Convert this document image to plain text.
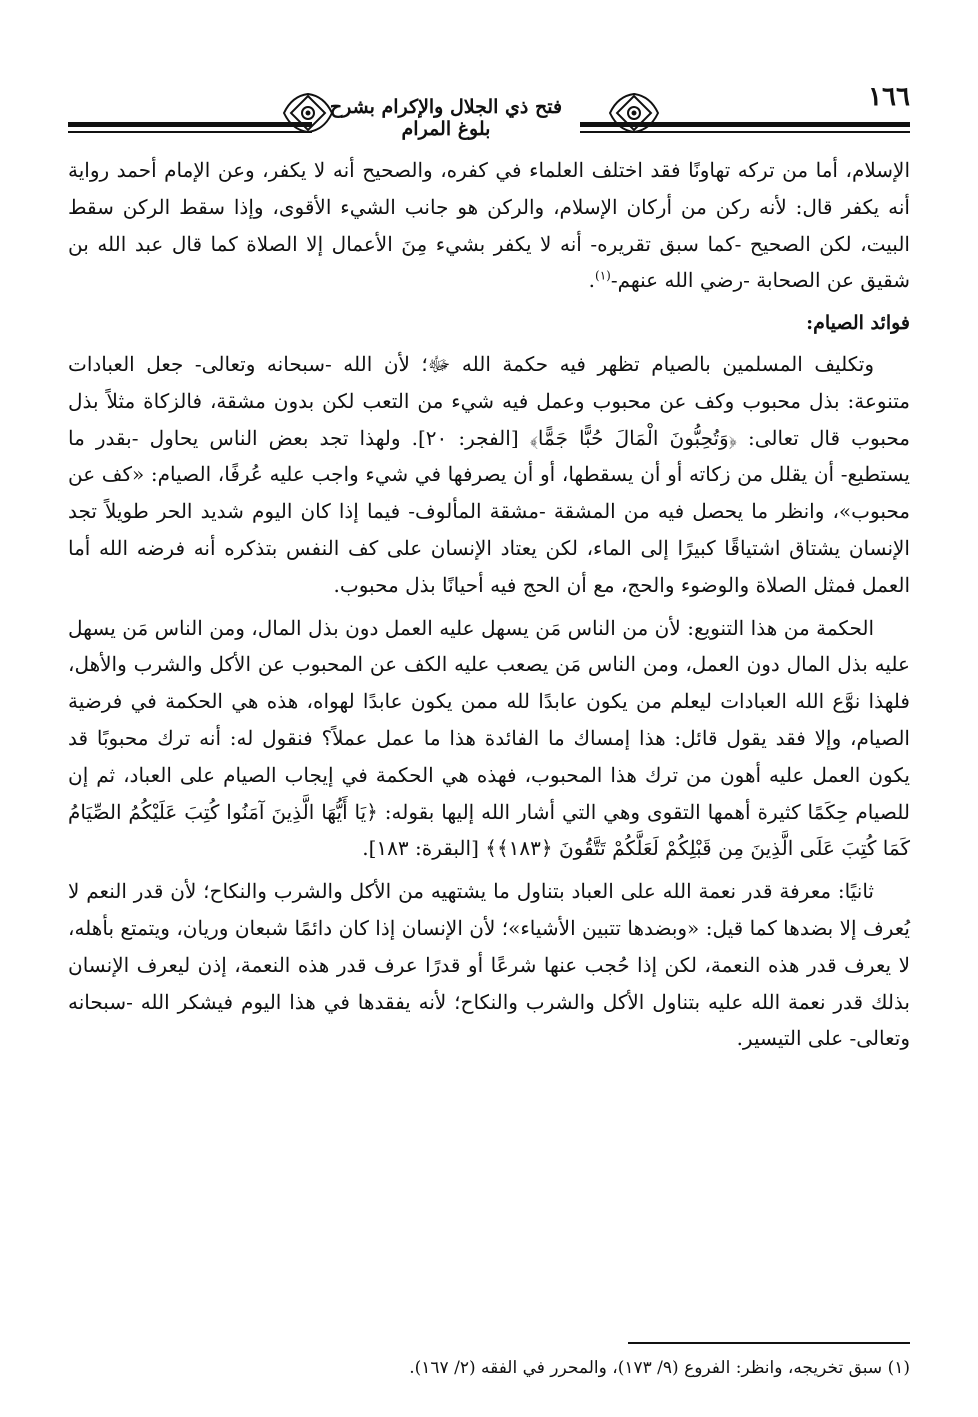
١٦٦
فتح ذي الجلال والإكرام بشرح بلوغ المرام

الإسلام، أما من تركه تهاونًا فقد اختلف العلماء في كفره، والصحيح أنه لا يكفر، وعن الإمام أحمد رواية أنه يكفر قال: لأنه ركن من أركان الإسلام، والركن هو جانب الشيء الأقوى، وإذا سقط الركن سقط البيت، لكن الصحيح -كما سبق تقريره- أنه لا يكفر بشيء مِنَ الأعمال إلا الصلاة كما قال عبد الله بن شقيق عن الصحابة -رضي الله عنهم-$^{(١)}$.

فوائد الصيام:

وتكليف المسلمين بالصيام تظهر فيه حكمة الله ﷻ؛ لأن الله -سبحانه وتعالى- جعل العبادات متنوعة: بذل محبوب وكف عن محبوب وعمل فيه شيء من التعب لكن بدون مشقة، فالزكاة مثلاً بذل محبوب قال تعالى: ﴿وَتُحِبُّونَ الْمَالَ حُبًّا جَمًّا﴾ [الفجر: ٢٠]. ولهذا تجد بعض الناس يحاول -بقدر ما يستطيع- أن يقلل من زكاته أو أن يسقطها، أو أن يصرفها في شيء واجب عليه عُرفًا، الصيام: «كف عن محبوب»، وانظر ما يحصل فيه من المشقة -مشقة المألوف- فيما إذا كان اليوم شديد الحر طويلاً تجد الإنسان يشتاق اشتياقًا كبيرًا إلى الماء، لكن يعتاد الإنسان على كف النفس بتذكره أنه فرضه الله أما العمل فمثل الصلاة والوضوء والحج، مع أن الحج فيه أحيانًا بذل محبوب.

الحكمة من هذا التنويع: لأن من الناس مَن يسهل عليه العمل دون بذل المال، ومن الناس مَن يسهل عليه بذل المال دون العمل، ومن الناس مَن يصعب عليه الكف عن المحبوب عن الأكل والشرب والأهل، فلهذا نوَّع الله العبادات ليعلم من يكون عابدًا لله ممن يكون عابدًا لهواه، هذه هي الحكمة في فرضية الصيام، وإلا فقد يقول قائل: هذا إمساك ما الفائدة هذا ما عمل عملاً؟ فنقول له: أنه ترك محبوبًا قد يكون العمل عليه أهون من ترك هذا المحبوب، فهذه هي الحكمة في إيجاب الصيام على العباد، ثم إن للصيام حِكَمًا كثيرة أهمها التقوى وهي التي أشار الله إليها بقوله: ﴿يَا أَيُّهَا الَّذِينَ آمَنُوا كُتِبَ عَلَيْكُمُ الصِّيَامُ كَمَا كُتِبَ عَلَى الَّذِينَ مِن قَبْلِكُمْ لَعَلَّكُمْ تَتَّقُونَ ﴿١٨٣﴾﴾ [البقرة: ١٨٣].

ثانيًا: معرفة قدر نعمة الله على العباد بتناول ما يشتهيه من الأكل والشرب والنكاح؛ لأن قدر النعم لا يُعرف إلا بضدها كما قيل: «وبضدها تتبين الأشياء»؛ لأن الإنسان إذا كان دائمًا شبعان وريان، ويتمتع بأهله، لا يعرف قدر هذه النعمة، لكن إذا حُجب عنها شرعًا أو قدرًا عرف قدر هذه النعمة، إذن ليعرف الإنسان بذلك قدر نعمة الله عليه بتناول الأكل والشرب والنكاح؛ لأنه يفقدها في هذا اليوم فيشكر الله -سبحانه وتعالى- على التيسير.

(١) سبق تخريجه، وانظر: الفروع (٩/ ١٧٣)، والمحرر في الفقه (٢/ ١٦٧).
